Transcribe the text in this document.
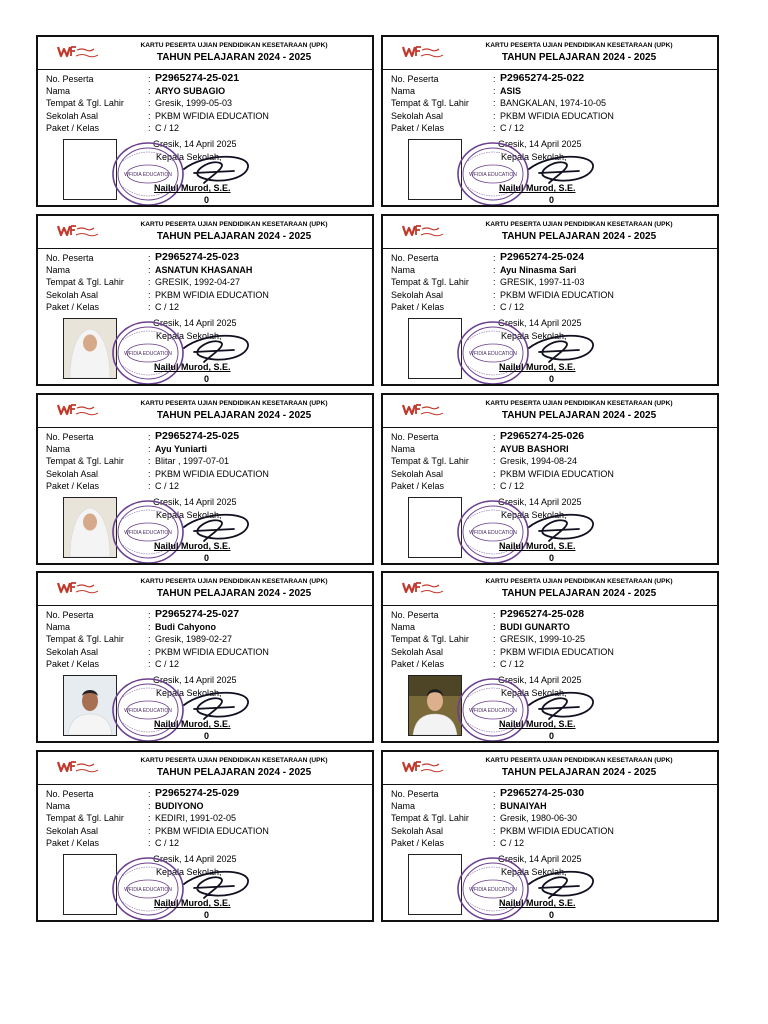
KARTU PESERTA UJIAN PENDIDIKAN KESETARAAN (UPK)
TAHUN PELAJARAN 2024 - 2025
No. Peserta	: P2965274-25-021
Nama	: ARYO SUBAGIO
Tempat & Tgl. Lahir	: Gresik, 1999-05-03
Sekolah Asal	: PKBM WFIDIA EDUCATION
Paket / Kelas	: C / 12
Gresik, 14 April 2025
Kepala Sekolah,
WFIDIA EDUCATION
Nailul Murod, S.E.
0
KARTU PESERTA UJIAN PENDIDIKAN KESETARAAN (UPK)
TAHUN PELAJARAN 2024 - 2025
No. Peserta	: P2965274-25-022
Nama	: ASIS
Tempat & Tgl. Lahir	: BANGKALAN, 1974-10-05
Sekolah Asal	: PKBM WFIDIA EDUCATION
Paket / Kelas	: C / 12
Gresik, 14 April 2025
Kepala Sekolah,
WFIDIA EDUCATION
Nailul Murod, S.E.
0
KARTU PESERTA UJIAN PENDIDIKAN KESETARAAN (UPK)
TAHUN PELAJARAN 2024 - 2025
No. Peserta	: P2965274-25-023
Nama	: ASNATUN KHASANAH
Tempat & Tgl. Lahir	: GRESIK, 1992-04-27
Sekolah Asal	: PKBM WFIDIA EDUCATION
Paket / Kelas	: C / 12
Gresik, 14 April 2025
Kepala Sekolah,
WFIDIA EDUCATION
Nailul Murod, S.E.
0
KARTU PESERTA UJIAN PENDIDIKAN KESETARAAN (UPK)
TAHUN PELAJARAN 2024 - 2025
No. Peserta	: P2965274-25-024
Nama	: Ayu Ninasma Sari
Tempat & Tgl. Lahir	: GRESIK, 1997-11-03
Sekolah Asal	: PKBM WFIDIA EDUCATION
Paket / Kelas	: C / 12
Gresik, 14 April 2025
Kepala Sekolah,
WFIDIA EDUCATION
Nailul Murod, S.E.
0
KARTU PESERTA UJIAN PENDIDIKAN KESETARAAN (UPK)
TAHUN PELAJARAN 2024 - 2025
No. Peserta	: P2965274-25-025
Nama	: Ayu Yuniarti
Tempat & Tgl. Lahir	: Blitar , 1997-07-01
Sekolah Asal	: PKBM WFIDIA EDUCATION
Paket / Kelas	: C / 12
Gresik, 14 April 2025
Kepala Sekolah,
WFIDIA EDUCATION
Nailul Murod, S.E.
0
KARTU PESERTA UJIAN PENDIDIKAN KESETARAAN (UPK)
TAHUN PELAJARAN 2024 - 2025
No. Peserta	: P2965274-25-026
Nama	: AYUB BASHORI
Tempat & Tgl. Lahir	: Gresik, 1994-08-24
Sekolah Asal	: PKBM WFIDIA EDUCATION
Paket / Kelas	: C / 12
Gresik, 14 April 2025
Kepala Sekolah,
WFIDIA EDUCATION
Nailul Murod, S.E.
0
KARTU PESERTA UJIAN PENDIDIKAN KESETARAAN (UPK)
TAHUN PELAJARAN 2024 - 2025
No. Peserta	: P2965274-25-027
Nama	: Budi Cahyono
Tempat & Tgl. Lahir	: Gresik, 1989-02-27
Sekolah Asal	: PKBM WFIDIA EDUCATION
Paket / Kelas	: C / 12
Gresik, 14 April 2025
Kepala Sekolah,
WFIDIA EDUCATION
Nailul Murod, S.E.
0
KARTU PESERTA UJIAN PENDIDIKAN KESETARAAN (UPK)
TAHUN PELAJARAN 2024 - 2025
No. Peserta	: P2965274-25-028
Nama	: BUDI GUNARTO
Tempat & Tgl. Lahir	: GRESIK, 1999-10-25
Sekolah Asal	: PKBM WFIDIA EDUCATION
Paket / Kelas	: C / 12
Gresik, 14 April 2025
Kepala Sekolah,
WFIDIA EDUCATION
Nailul Murod, S.E.
0
KARTU PESERTA UJIAN PENDIDIKAN KESETARAAN (UPK)
TAHUN PELAJARAN 2024 - 2025
No. Peserta	: P2965274-25-029
Nama	: BUDIYONO
Tempat & Tgl. Lahir	: KEDIRI, 1991-02-05
Sekolah Asal	: PKBM WFIDIA EDUCATION
Paket / Kelas	: C / 12
Gresik, 14 April 2025
Kepala Sekolah,
WFIDIA EDUCATION
Nailul Murod, S.E.
0
KARTU PESERTA UJIAN PENDIDIKAN KESETARAAN (UPK)
TAHUN PELAJARAN 2024 - 2025
No. Peserta	: P2965274-25-030
Nama	: BUNAIYAH
Tempat & Tgl. Lahir	: Gresik, 1980-06-30
Sekolah Asal	: PKBM WFIDIA EDUCATION
Paket / Kelas	: C / 12
Gresik, 14 April 2025
Kepala Sekolah,
WFIDIA EDUCATION
Nailul Murod, S.E.
0
